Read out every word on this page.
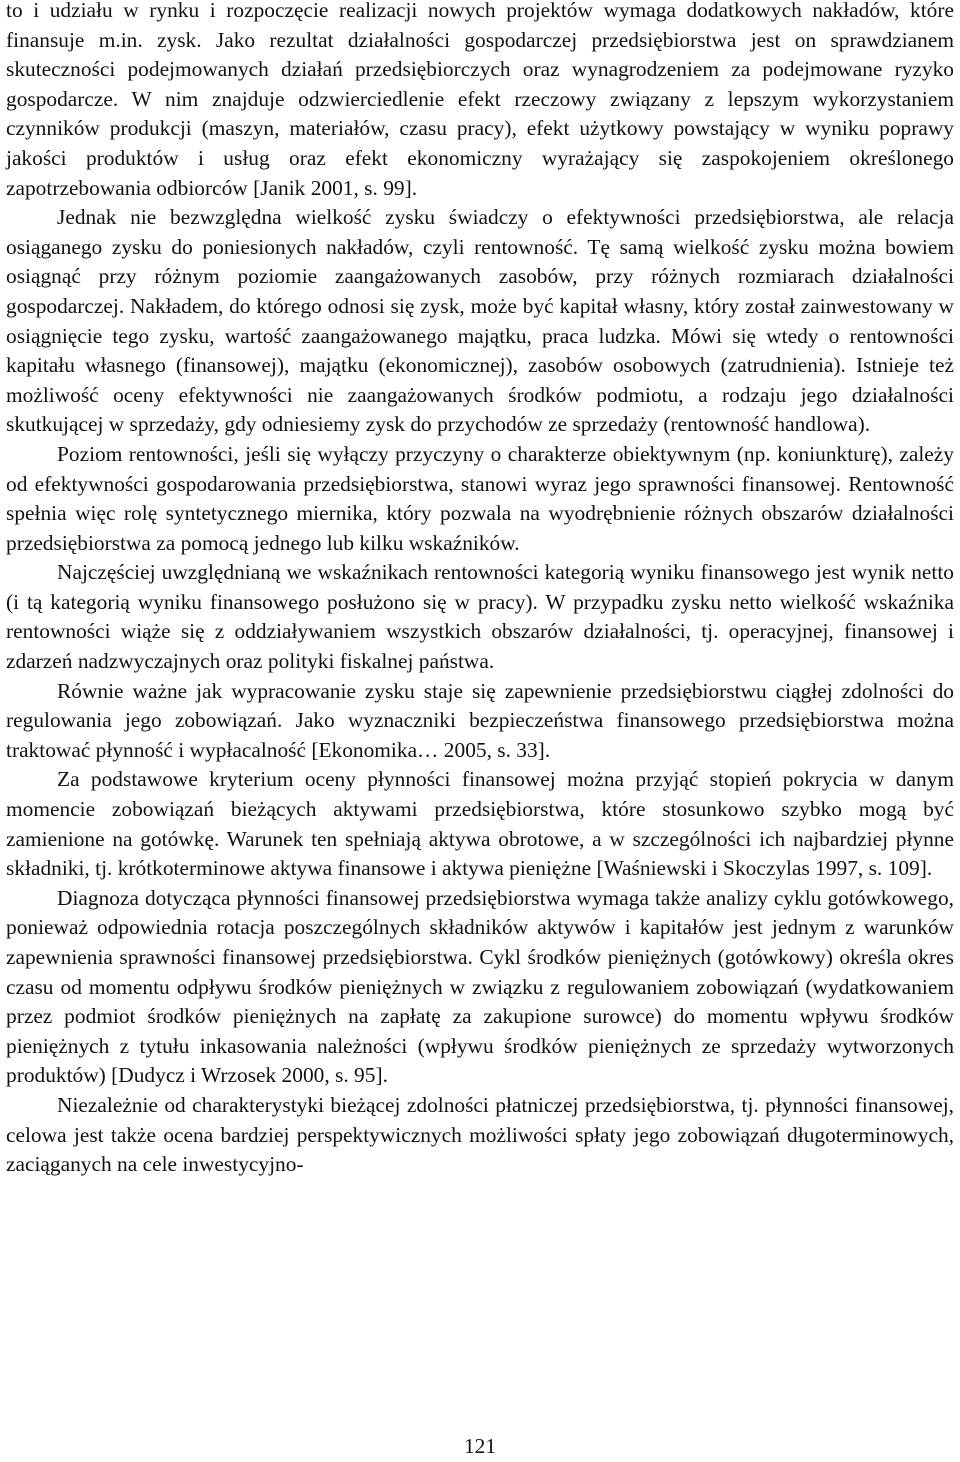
to i udziału w rynku i rozpoczęcie realizacji nowych projektów wymaga dodatkowych nakładów, które finansuje m.in. zysk. Jako rezultat działalności gospodarczej przedsiębiorstwa jest on sprawdzianem skuteczności podejmowanych działań przedsiębiorczych oraz wynagrodzeniem za podejmowane ryzyko gospodarcze. W nim znajduje odzwierciedlenie efekt rzeczowy związany z lepszym wykorzystaniem czynników produkcji (maszyn, materiałów, czasu pracy), efekt użytkowy powstający w wyniku poprawy jakości produktów i usług oraz efekt ekonomiczny wyrażający się zaspokojeniem określonego zapotrzebowania odbiorców [Janik 2001, s. 99].

Jednak nie bezwzględna wielkość zysku świadczy o efektywności przedsiębiorstwa, ale relacja osiąganego zysku do poniesionych nakładów, czyli rentowność. Tę samą wielkość zysku można bowiem osiągnąć przy różnym poziomie zaangażowanych zasobów, przy różnych rozmiarach działalności gospodarczej. Nakładem, do którego odnosi się zysk, może być kapitał własny, który został zainwestowany w osiągnięcie tego zysku, wartość zaangażowanego majątku, praca ludzka. Mówi się wtedy o rentowności kapitału własnego (finansowej), majątku (ekonomicznej), zasobów osobowych (zatrudnienia). Istnieje też możliwość oceny efektywności nie zaangażowanych środków podmiotu, a rodzaju jego działalności skutkującej w sprzedaży, gdy odniesiemy zysk do przychodów ze sprzedaży (rentowność handlowa).

Poziom rentowności, jeśli się wyłączy przyczyny o charakterze obiektywnym (np. koniunkturę), zależy od efektywności gospodarowania przedsiębiorstwa, stanowi wyraz jego sprawności finansowej. Rentowność spełnia więc rolę syntetycznego miernika, który pozwala na wyodrębnienie różnych obszarów działalności przedsiębiorstwa za pomocą jednego lub kilku wskaźników.

Najczęściej uwzględnianą we wskaźnikach rentowności kategorią wyniku finansowego jest wynik netto (i tą kategorią wyniku finansowego posłużono się w pracy). W przypadku zysku netto wielkość wskaźnika rentowności wiąże się z oddziaływaniem wszystkich obszarów działalności, tj. operacyjnej, finansowej i zdarzeń nadzwyczajnych oraz polityki fiskalnej państwa.

Równie ważne jak wypracowanie zysku staje się zapewnienie przedsiębiorstwu ciągłej zdolności do regulowania jego zobowiązań. Jako wyznaczniki bezpieczeństwa finansowego przedsiębiorstwa można traktować płynność i wypłacalność [Ekonomika… 2005, s. 33].

Za podstawowe kryterium oceny płynności finansowej można przyjąć stopień pokrycia w danym momencie zobowiązań bieżących aktywami przedsiębiorstwa, które stosunkowo szybko mogą być zamienione na gotówkę. Warunek ten spełniają aktywa obrotowe, a w szczególności ich najbardziej płynne składniki, tj. krótkoterminowe aktywa finansowe i aktywa pieniężne [Waśniewski i Skoczylas 1997, s. 109].

Diagnoza dotycząca płynności finansowej przedsiębiorstwa wymaga także analizy cyklu gotówkowego, ponieważ odpowiednia rotacja poszczególnych składników aktywów i kapitałów jest jednym z warunków zapewnienia sprawności finansowej przedsiębiorstwa. Cykl środków pieniężnych (gotówkowy) określa okres czasu od momentu odpływu środków pieniężnych w związku z regulowaniem zobowiązań (wydatkowaniem przez podmiot środków pieniężnych na zapłatę za zakupione surowce) do momentu wpływu środków pieniężnych z tytułu inkasowania należności (wpływu środków pieniężnych ze sprzedaży wytworzonych produktów) [Dudycz i Wrzosek 2000, s. 95].

Niezależnie od charakterystyki bieżącej zdolności płatniczej przedsiębiorstwa, tj. płynności finansowej, celowa jest także ocena bardziej perspektywicznych możliwości spłaty jego zobowiązań długoterminowych, zaciąganych na cele inwestycyjno-

121
